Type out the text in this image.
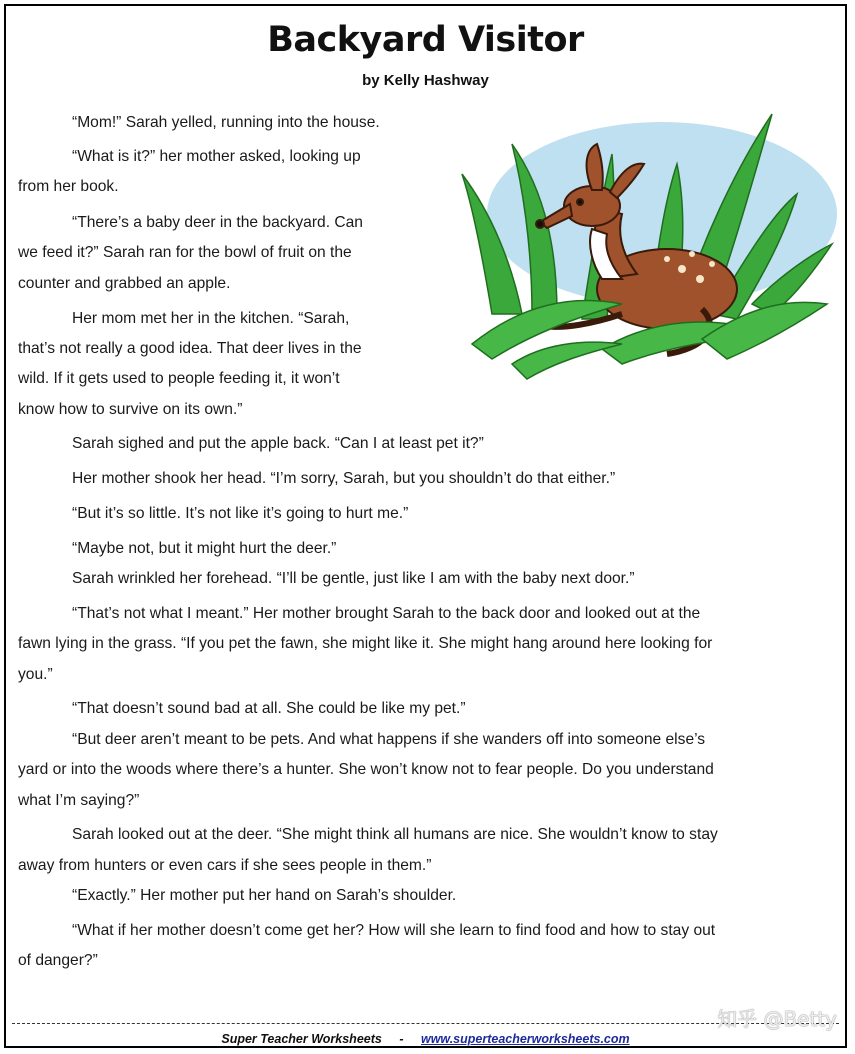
Backyard Visitor
by Kelly Hashway

“Mom!” Sarah yelled, running into the house.

“What is it?” her mother asked, looking up

from her book.

“There’s a baby deer in the backyard. Can

we feed it?” Sarah ran for the bowl of fruit on the

counter and grabbed an apple.

Her mom met her in the kitchen. “Sarah,

that’s not really a good idea. That deer lives in the

wild. If it gets used to people feeding it, it won’t

know how to survive on its own.”

Sarah sighed and put the apple back. “Can I at least pet it?”

Her mother shook her head. “I’m sorry, Sarah, but you shouldn’t do that either.”

“But it’s so little. It’s not like it’s going to hurt me.”

“Maybe not, but it might hurt the deer.”

Sarah wrinkled her forehead. “I’ll be gentle, just like I am with the baby next door.”

“That’s not what I meant.” Her mother brought Sarah to the back door and looked out at the

fawn lying in the grass. “If you pet the fawn, she might like it. She might hang around here looking for

you.”

“That doesn’t sound bad at all. She could be like my pet.”

“But deer aren’t meant to be pets. And what happens if she wanders off into someone else’s

yard or into the woods where there’s a hunter. She won’t know not to fear people. Do you understand

what I’m saying?”

Sarah looked out at the deer. “She might think all humans are nice. She wouldn’t know to stay

away from hunters or even cars if she sees people in them.”

“Exactly.” Her mother put her hand on Sarah’s shoulder.

“What if her mother doesn’t come get her? How will she learn to find food and how to stay out

of danger?”

Super Teacher Worksheets - www.superteacherworksheets.com
知乎 @Betty
